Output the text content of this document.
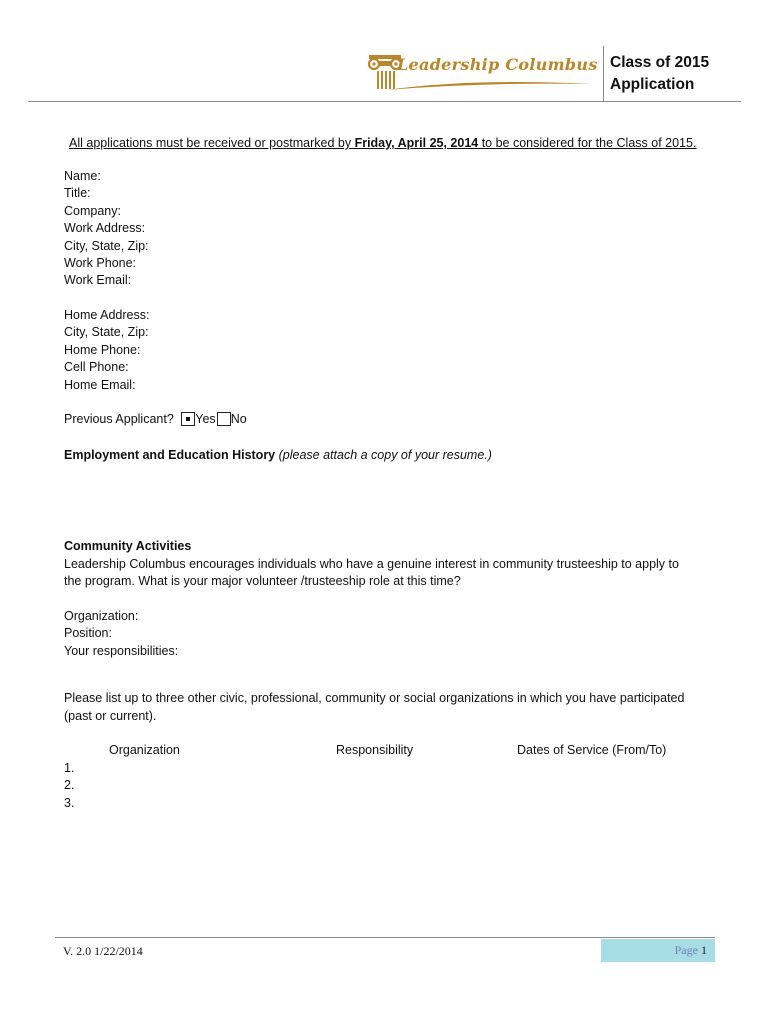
Leadership Columbus Class of 2015
Application
All applications must be received or postmarked by Friday, April 25, 2014 to be considered for the Class of 2015.
Name:
Title:
Company:
Work Address:
City, State, Zip:
Work Phone:
Work Email:
Home Address:
City, State, Zip:
Home Phone:
Cell Phone:
Home Email:
Previous Applicant? Yes No
Employment and Education History (please attach a copy of your resume.)
Community Activities
Leadership Columbus encourages individuals who have a genuine interest in community trusteeship to apply to
the program. What is your major volunteer /trusteeship role at this time?
Organization:
Position:
Your responsibilities:
Please list up to three other civic, professional, community or social organizations in which you have participated
(past or current).
Organization	Responsibility	Dates of Service (From/To)
1.
2.
3.
V. 2.0 1/22/2014	Page 1
